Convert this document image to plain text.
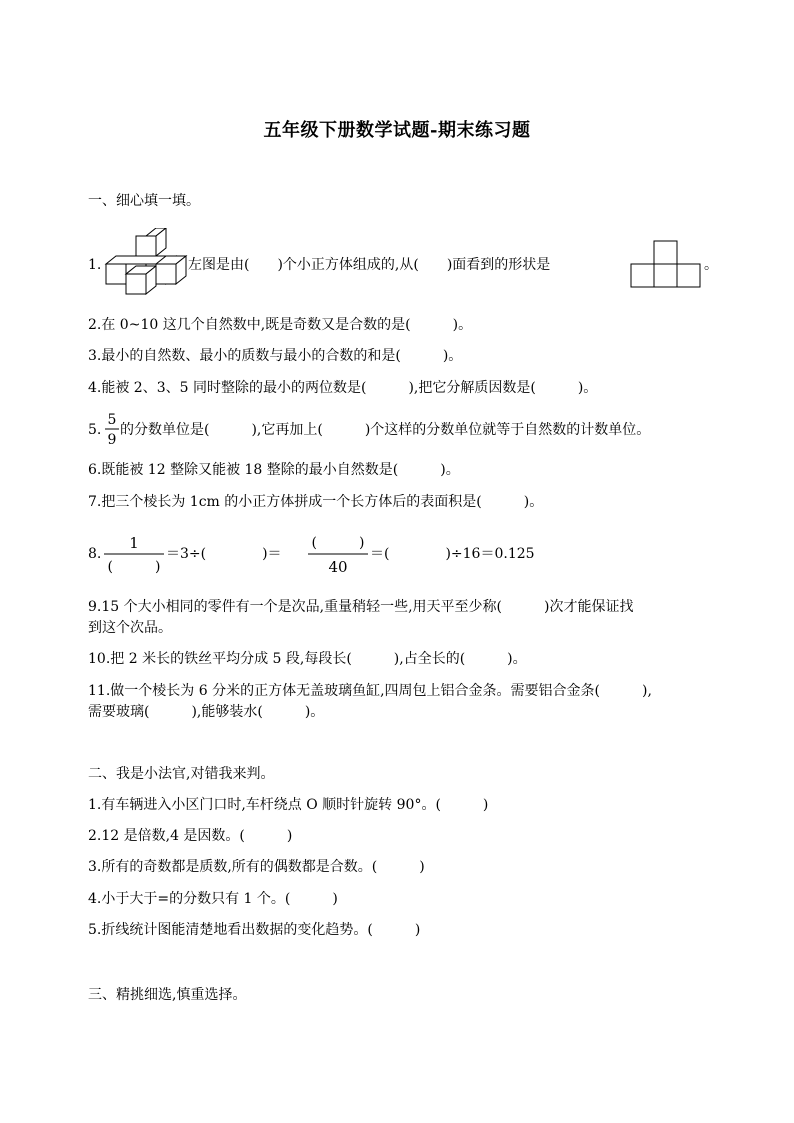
五年级下册数学试题-期末练习题
一、细心填一填。
1.	左图是由(　　)个小正方体组成的,从(　　)面看到的形状是	。
2.在 0~10 这几个自然数中,既是奇数又是合数的是(　　　)。
3.最小的自然数、最小的质数与最小的合数的和是(　　　)。
4.能被 2、3、5 同时整除的最小的两位数是(　　　),把它分解质因数是(　　　)。
5.
5
9
的分数单位是(　　　),它再加上(　　　)个这样的分数单位就等于自然数的计数单位。
6.既能被 12 整除又能被 18 整除的最小自然数是(　　　)。
7.把三个棱长为 1cm 的小正方体拼成一个长方体后的表面积是(　　　)。
8.
1
(　　　)
＝3÷(　　　　)＝
(　　　)
40
＝(　　　　)÷16＝0.125
9.15 个大小相同的零件有一个是次品,重量稍轻一些,用天平至少称(　　　)次才能保证找
到这个次品。
10.把 2 米长的铁丝平均分成 5 段,每段长(　　　),占全长的(　　　)。
11.做一个棱长为 6 分米的正方体无盖玻璃鱼缸,四周包上铝合金条。需要铝合金条(　　　),
需要玻璃(　　　),能够装水(　　　)。
二、我是小法官,对错我来判。
1.有车辆进入小区门口时,车杆绕点 O 顺时针旋转 90°。(　　　)
2.12 是倍数,4 是因数。(　　　)
3.所有的奇数都是质数,所有的偶数都是合数。(　　　)
4.小于大于=的分数只有 1 个。(　　　)
5.折线统计图能清楚地看出数据的变化趋势。(　　　)
三、精挑细选,慎重选择。
